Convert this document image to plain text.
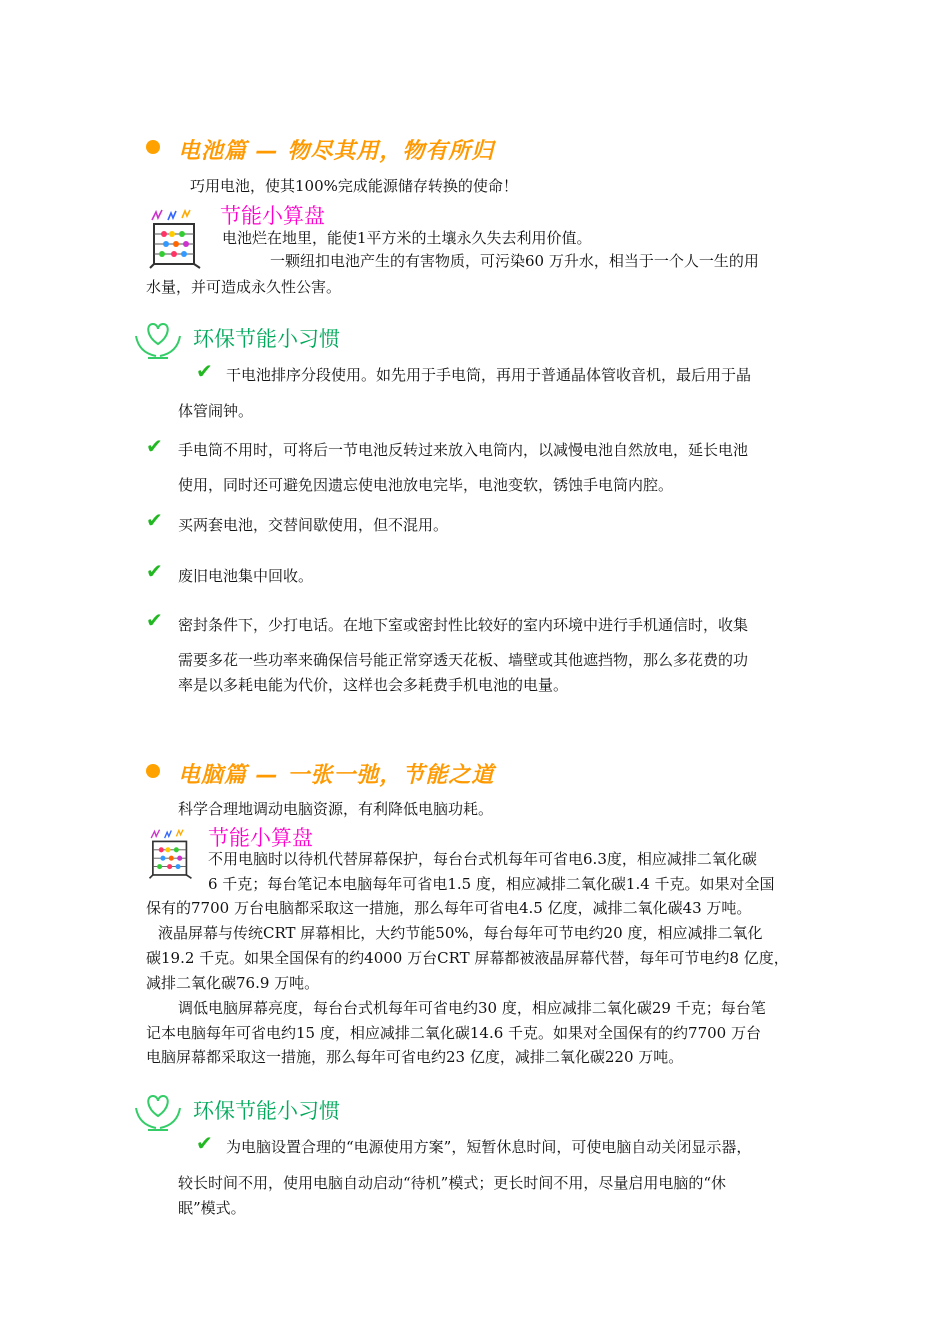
电池篇 — 物尽其用，物有所归
巧用电池，使其100%完成能源储存转换的使命！
节能小算盘
电池烂在地里，能使1平方米的土壤永久失去利用价值。
一颗纽扣电池产生的有害物质，可污染60 万升水，相当于一个人一生的用
水量，并可造成永久性公害。
环保节能小习惯
✔ 干电池排序分段使用。如先用于手电筒，再用于普通晶体管收音机，最后用于晶
体管闹钟。
✔ 手电筒不用时，可将后一节电池反转过来放入电筒内，以减慢电池自然放电，延长电池
使用，同时还可避免因遗忘使电池放电完毕，电池变软，锈蚀手电筒内腔。
✔ 买两套电池，交替间歇使用，但不混用。
✔ 废旧电池集中回收。
✔ 密封条件下，少打电话。在地下室或密封性比较好的室内环境中进行手机通信时，收集
需要多花一些功率来确保信号能正常穿透天花板、墙壁或其他遮挡物，那么多花费的功
率是以多耗电能为代价，这样也会多耗费手机电池的电量。
电脑篇 — 一张一弛，节能之道
科学合理地调动电脑资源，有利降低电脑功耗。
节能小算盘
不用电脑时以待机代替屏幕保护，每台台式机每年可省电6.3度，相应减排二氧化碳
6 千克；每台笔记本电脑每年可省电1.5 度，相应减排二氧化碳1.4 千克。如果对全国
保有的7700 万台电脑都采取这一措施，那么每年可省电4.5 亿度，减排二氧化碳43 万吨。
液晶屏幕与传统CRT 屏幕相比，大约节能50%，每台每年可节电约20 度，相应减排二氧化
碳19.2 千克。如果全国保有的约4000 万台CRT 屏幕都被液晶屏幕代替，每年可节电约8 亿度，
减排二氧化碳76.9 万吨。
调低电脑屏幕亮度，每台台式机每年可省电约30 度，相应减排二氧化碳29 千克；每台笔
记本电脑每年可省电约15 度，相应减排二氧化碳14.6 千克。如果对全国保有的约7700 万台
电脑屏幕都采取这一措施，那么每年可省电约23 亿度，减排二氧化碳220 万吨。
环保节能小习惯
✔ 为电脑设置合理的“电源使用方案”，短暂休息时间，可使电脑自动关闭显示器，
较长时间不用，使用电脑自动启动“待机”模式；更长时间不用，尽量启用电脑的“休
眠”模式。
